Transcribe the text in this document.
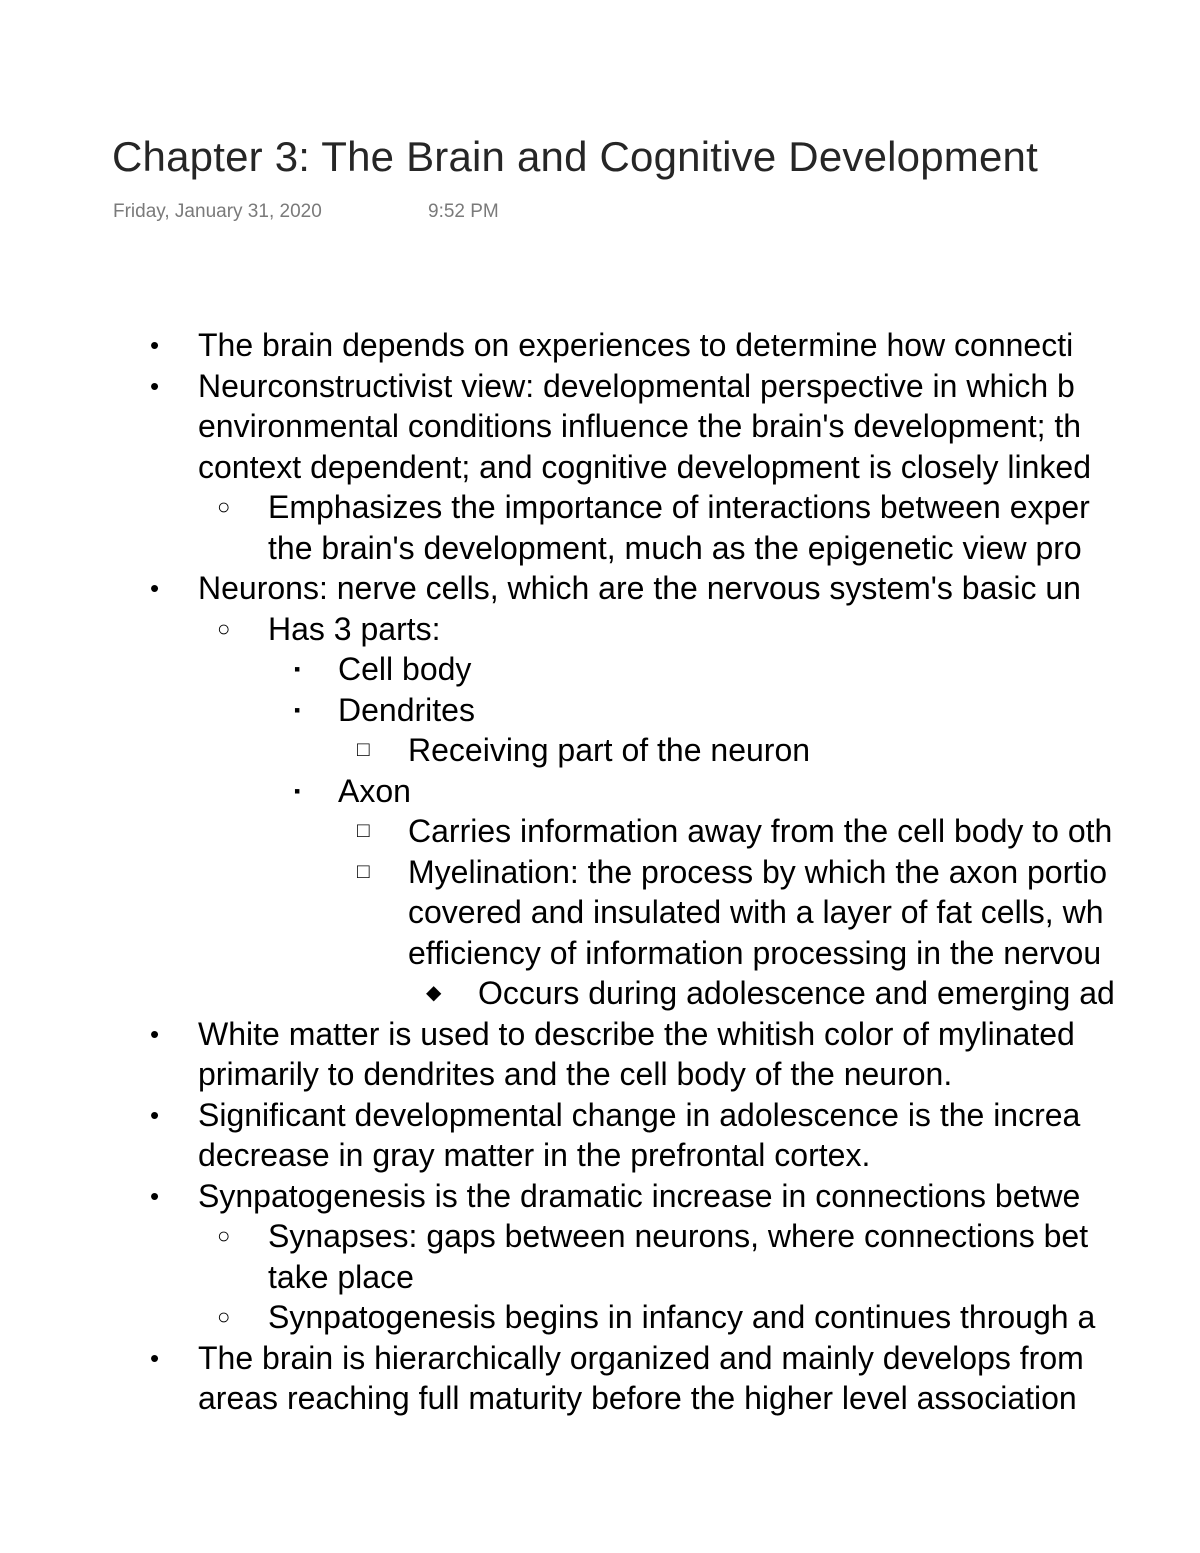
Chapter 3: The Brain and Cognitive Development
Friday, January 31, 2020	9:52 PM
• The brain depends on experiences to determine how connecti
• Neurconstructivist view: developmental perspective in which b
environmental conditions influence the brain's development; th
context dependent; and cognitive development is closely linked
○ Emphasizes the importance of interactions between exper
the brain's development, much as the epigenetic view pro
• Neurons: nerve cells, which are the nervous system's basic un
○ Has 3 parts:
▪ Cell body
▪ Dendrites
□ Receiving part of the neuron
▪ Axon
□ Carries information away from the cell body to oth
□ Myelination: the process by which the axon portio
covered and insulated with a layer of fat cells, wh
efficiency of information processing in the nervou
◆ Occurs during adolescence and emerging ad
• White matter is used to describe the whitish color of mylinated
primarily to dendrites and the cell body of the neuron.
• Significant developmental change in adolescence is the increa
decrease in gray matter in the prefrontal cortex.
• Synpatogenesis is the dramatic increase in connections betwe
○ Synapses: gaps between neurons, where connections bet
take place
○ Synpatogenesis begins in infancy and continues through a
• The brain is hierarchically organized and mainly develops from
areas reaching full maturity before the higher level association
